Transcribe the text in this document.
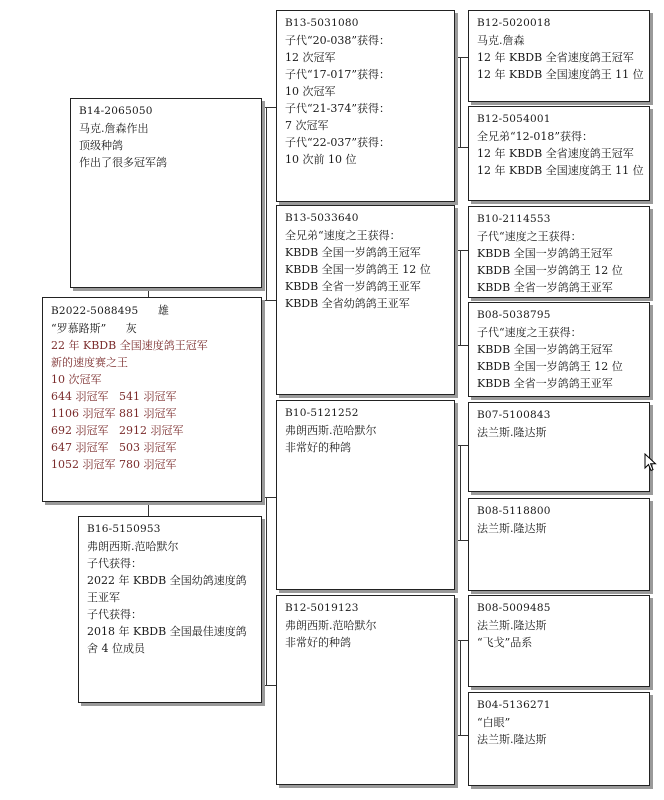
B14-2065050
马克.詹森作出
顶级种鸽
作出了很多冠军鸽
B2022-5088495 雄
“罗慕路斯” 灰
22 年 KBDB 全国速度鸽王冠军
新的速度赛之王
10 次冠军
644 羽冠军 541 羽冠军
1106 羽冠军 881 羽冠军
692 羽冠军 2912 羽冠军
647 羽冠军 503 羽冠军
1052 羽冠军 780 羽冠军
B16-5150953
弗朗西斯.范哈默尔
子代获得：
2022 年 KBDB 全国幼鸽速度鸽
王亚军
子代获得：
2018 年 KBDB 全国最佳速度鸽
舍 4 位成员
B13-5031080
子代“20-038”获得：
12 次冠军
子代“17-017”获得：
10 次冠军
子代“21-374”获得：
7 次冠军
子代“22-037”获得：
10 次前 10 位
B13-5033640
全兄弟“速度之王获得：
KBDB 全国一岁鸽鸽王冠军
KBDB 全国一岁鸽鸽王 12 位
KBDB 全省一岁鸽鸽王亚军
KBDB 全省幼鸽鸽王亚军
B10-5121252
弗朗西斯.范哈默尔
非常好的种鸽
B12-5019123
弗朗西斯.范哈默尔
非常好的种鸽
B12-5020018
马克.詹森
12 年 KBDB 全省速度鸽王冠军
12 年 KBDB 全国速度鸽王 11 位
B12-5054001
全兄弟“12-018”获得：
12 年 KBDB 全省速度鸽王冠军
12 年 KBDB 全国速度鸽王 11 位
B10-2114553
子代“速度之王获得：
KBDB 全国一岁鸽鸽王冠军
KBDB 全国一岁鸽鸽王 12 位
KBDB 全省一岁鸽鸽王亚军
B08-5038795
子代“速度之王获得：
KBDB 全国一岁鸽鸽王冠军
KBDB 全国一岁鸽鸽王 12 位
KBDB 全省一岁鸽鸽王亚军
B07-5100843
法兰斯.隆达斯
B08-5118800
法兰斯.隆达斯
B08-5009485
法兰斯.隆达斯
“飞戈”品系
B04-5136271
“白眼”
法兰斯.隆达斯
